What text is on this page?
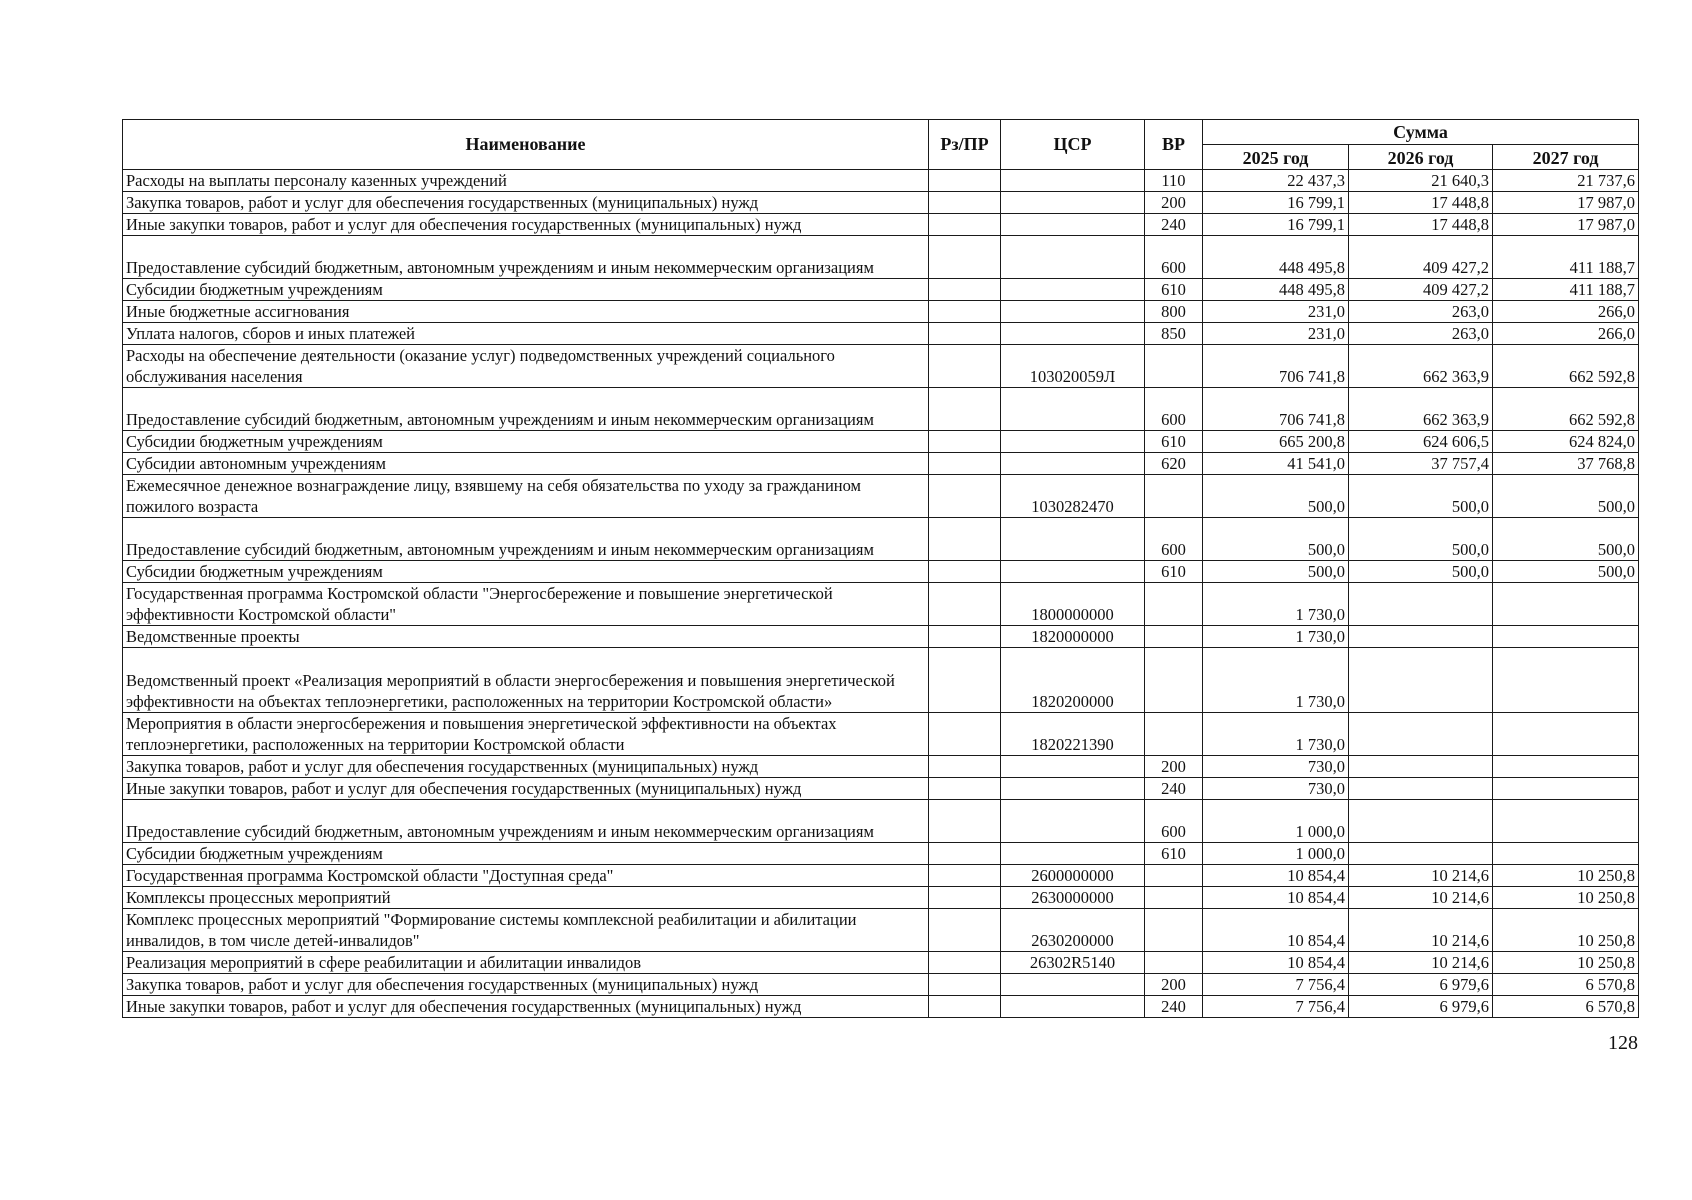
Наименование	Рз/ПР	ЦСР	ВР	Сумма		
				2025 год	2026 год	2027 год
Расходы на выплаты персоналу казенных учреждений			110	22 437,3	21 640,3	21 737,6
Закупка товаров, работ и услуг для обеспечения государственных (муниципальных) нужд			200	16 799,1	17 448,8	17 987,0
Иные закупки товаров, работ и услуг для обеспечения государственных (муниципальных) нужд			240	16 799,1	17 448,8	17 987,0
Предоставление субсидий бюджетным, автономным учреждениям и иным некоммерческим организациям			600	448 495,8	409 427,2	411 188,7
Субсидии бюджетным учреждениям			610	448 495,8	409 427,2	411 188,7
Иные бюджетные ассигнования			800	231,0	263,0	266,0
Уплата налогов, сборов и иных платежей			850	231,0	263,0	266,0
Расходы на обеспечение деятельности (оказание услуг) подведомственных учреждений социального обслуживания населения		103020059Л		706 741,8	662 363,9	662 592,8
Предоставление субсидий бюджетным, автономным учреждениям и иным некоммерческим организациям			600	706 741,8	662 363,9	662 592,8
Субсидии бюджетным учреждениям			610	665 200,8	624 606,5	624 824,0
Субсидии автономным учреждениям			620	41 541,0	37 757,4	37 768,8
Ежемесячное денежное вознаграждение лицу, взявшему на себя обязательства по уходу за гражданином пожилого возраста		1030282470		500,0	500,0	500,0
Предоставление субсидий бюджетным, автономным учреждениям и иным некоммерческим организациям			600	500,0	500,0	500,0
Субсидии бюджетным учреждениям			610	500,0	500,0	500,0
Государственная программа Костромской области "Энергосбережение и повышение энергетической эффективности Костромской области"		1800000000		1 730,0		
Ведомственные проекты		1820000000		1 730,0		
Ведомственный проект «Реализация мероприятий в области энергосбережения и повышения энергетической эффективности на объектах теплоэнергетики, расположенных на территории Костромской области»		1820200000		1 730,0		
Мероприятия в области энергосбережения и повышения энергетической эффективности на объектах теплоэнергетики, расположенных на территории Костромской области		1820221390		1 730,0		
Закупка товаров, работ и услуг для обеспечения государственных (муниципальных) нужд			200	730,0		
Иные закупки товаров, работ и услуг для обеспечения государственных (муниципальных) нужд			240	730,0		
Предоставление субсидий бюджетным, автономным учреждениям и иным некоммерческим организациям			600	1 000,0		
Субсидии бюджетным учреждениям			610	1 000,0		
Государственная программа Костромской области "Доступная среда"		2600000000		10 854,4	10 214,6	10 250,8
Комплексы процессных мероприятий		2630000000		10 854,4	10 214,6	10 250,8
Комплекс процессных мероприятий "Формирование системы комплексной реабилитации и абилитации инвалидов, в том числе детей-инвалидов"		2630200000		10 854,4	10 214,6	10 250,8
Реализация мероприятий в сфере реабилитации и абилитации инвалидов		26302R5140		10 854,4	10 214,6	10 250,8
Закупка товаров, работ и услуг для обеспечения государственных (муниципальных) нужд			200	7 756,4	6 979,6	6 570,8
Иные закупки товаров, работ и услуг для обеспечения государственных (муниципальных) нужд			240	7 756,4	6 979,6	6 570,8
128
